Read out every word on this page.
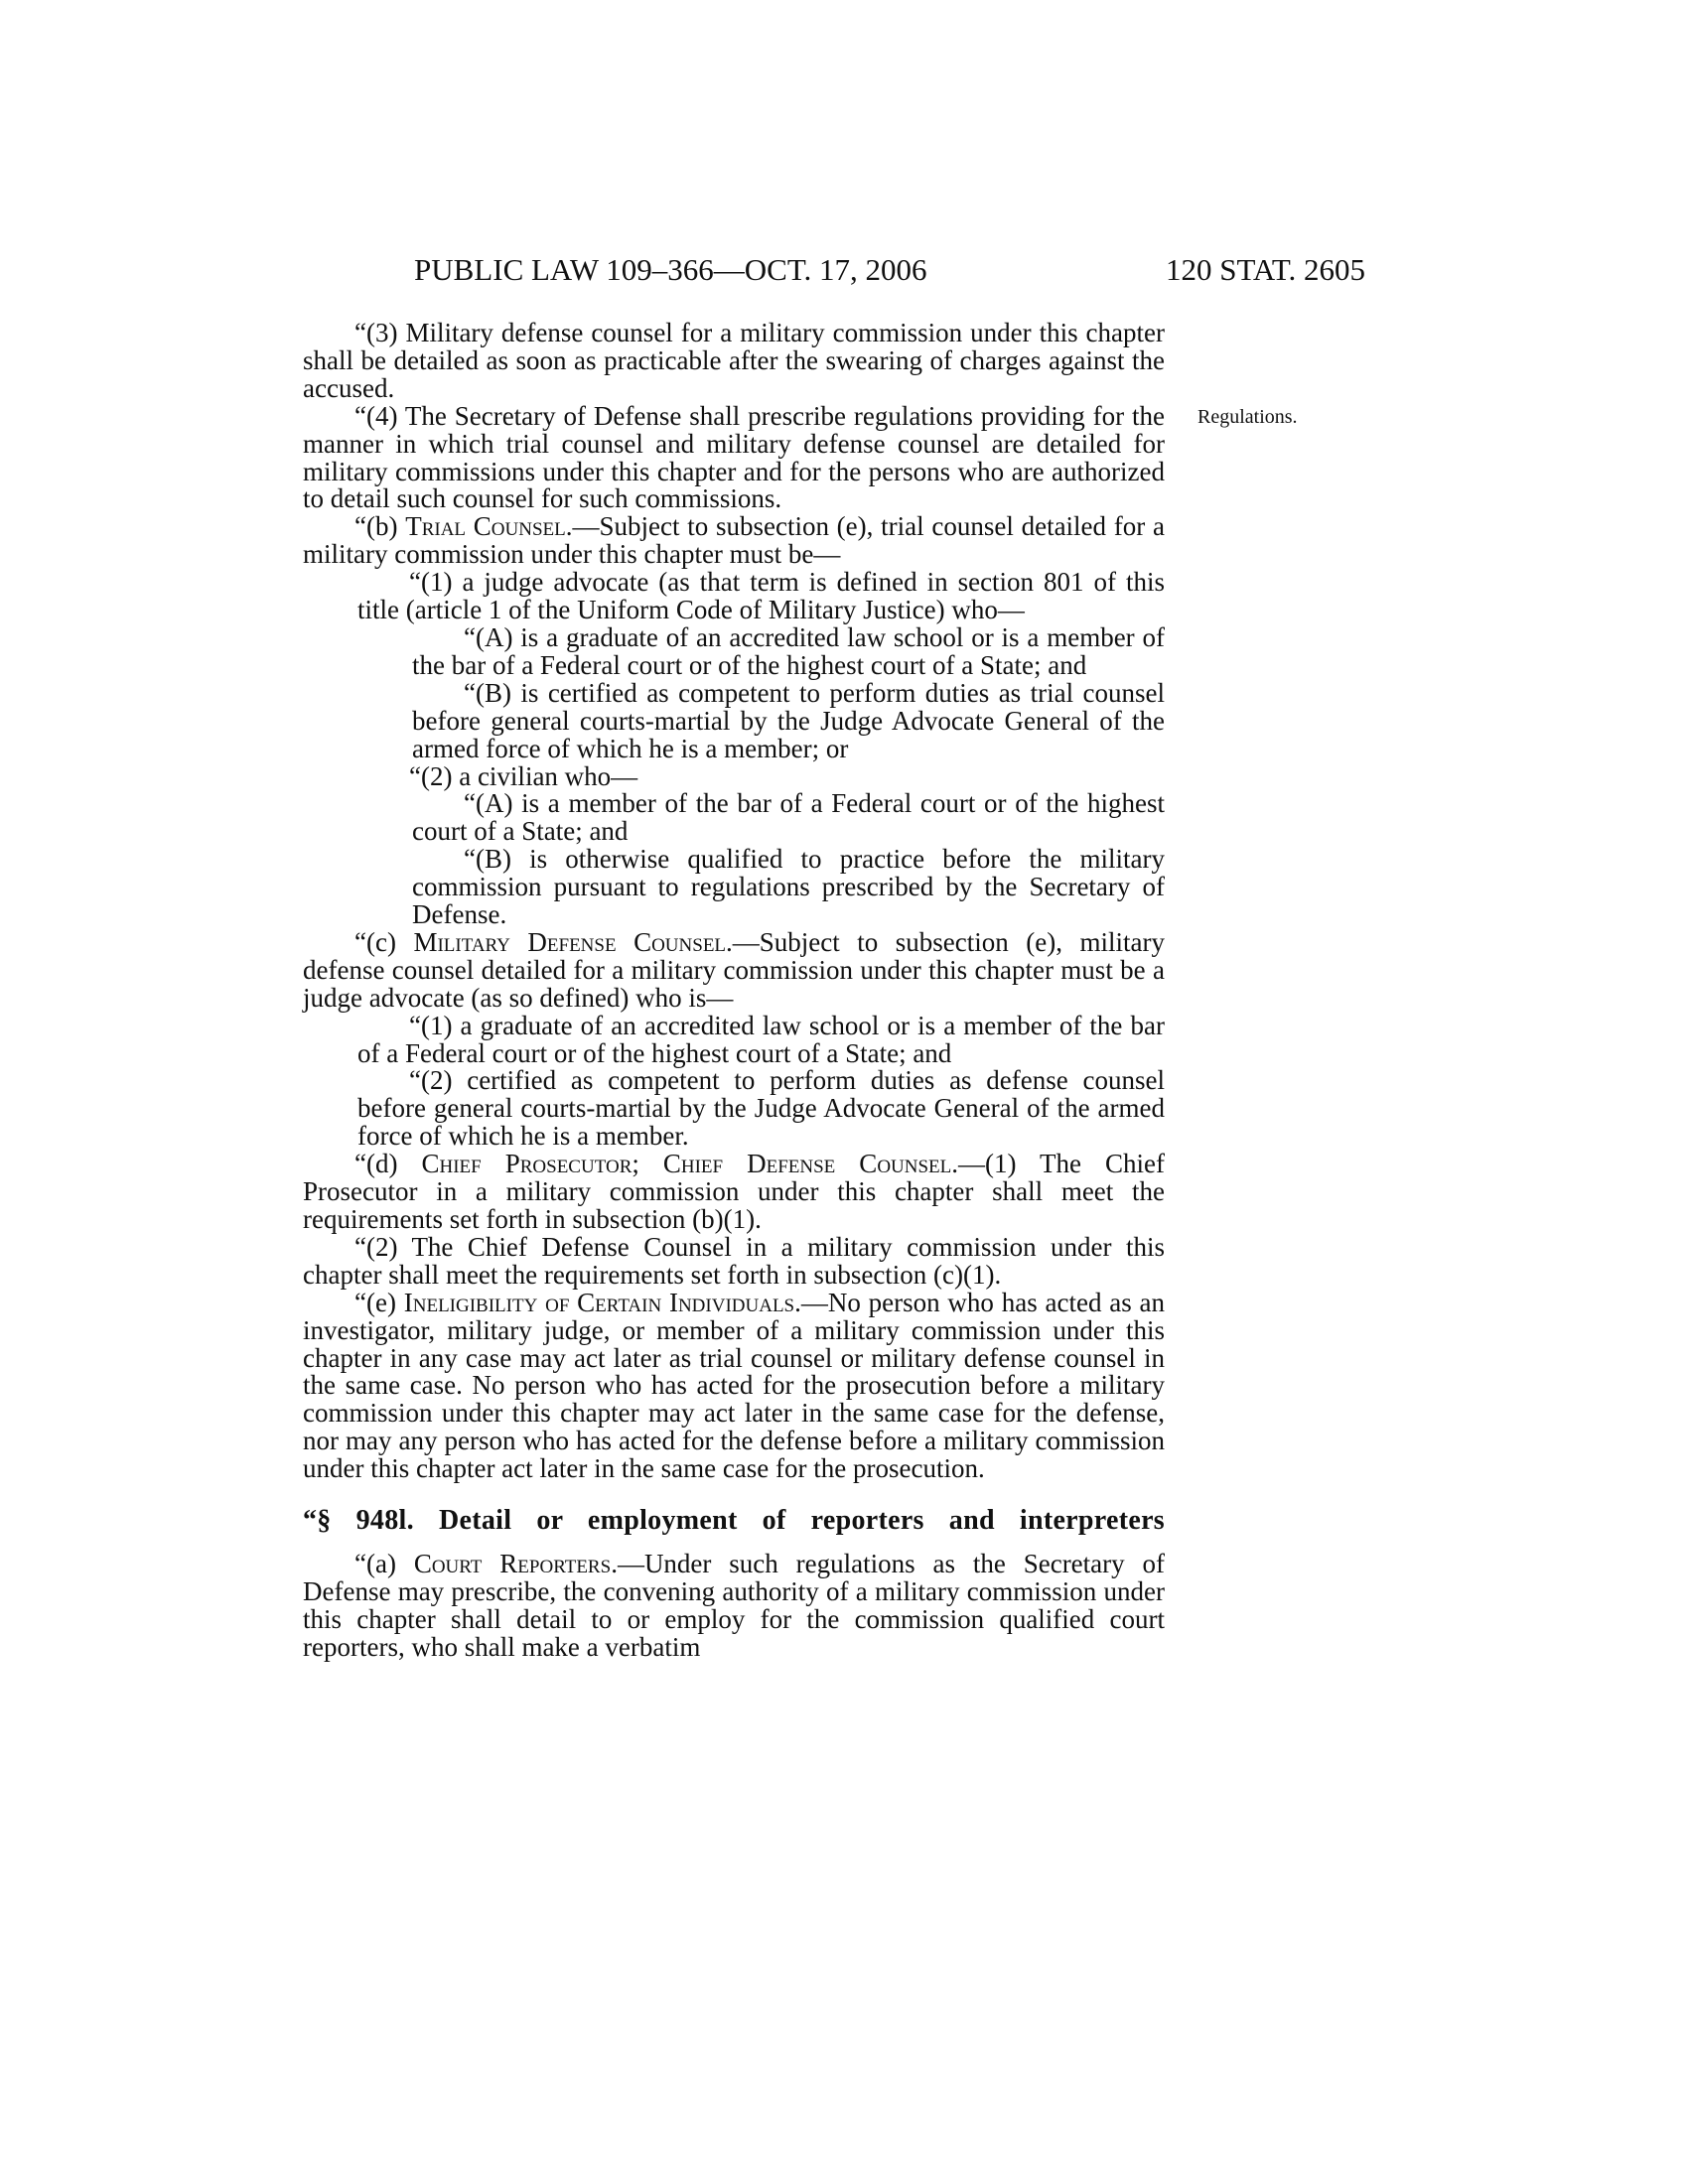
PUBLIC LAW 109–366—OCT. 17, 2006	120 STAT. 2605
Regulations.

“(3) Military defense counsel for a military commission under this chapter shall be detailed as soon as practicable after the swearing of charges against the accused.

“(4) The Secretary of Defense shall prescribe regulations providing for the manner in which trial counsel and military defense counsel are detailed for military commissions under this chapter and for the persons who are authorized to detail such counsel for such commissions.

“(b) Trial Counsel.—Subject to subsection (e), trial counsel detailed for a military commission under this chapter must be—

“(1) a judge advocate (as that term is defined in section 801 of this title (article 1 of the Uniform Code of Military Justice) who—

“(A) is a graduate of an accredited law school or is a member of the bar of a Federal court or of the highest court of a State; and

“(B) is certified as competent to perform duties as trial counsel before general courts-martial by the Judge Advocate General of the armed force of which he is a member; or

“(2) a civilian who—

“(A) is a member of the bar of a Federal court or of the highest court of a State; and

“(B) is otherwise qualified to practice before the military commission pursuant to regulations prescribed by the Secretary of Defense.

“(c) Military Defense Counsel.—Subject to subsection (e), military defense counsel detailed for a military commission under this chapter must be a judge advocate (as so defined) who is—

“(1) a graduate of an accredited law school or is a member of the bar of a Federal court or of the highest court of a State; and

“(2) certified as competent to perform duties as defense counsel before general courts-martial by the Judge Advocate General of the armed force of which he is a member.

“(d) Chief Prosecutor; Chief Defense Counsel.—(1) The Chief Prosecutor in a military commission under this chapter shall meet the requirements set forth in subsection (b)(1).

“(2) The Chief Defense Counsel in a military commission under this chapter shall meet the requirements set forth in subsection (c)(1).

“(e) Ineligibility of Certain Individuals.—No person who has acted as an investigator, military judge, or member of a military commission under this chapter in any case may act later as trial counsel or military defense counsel in the same case. No person who has acted for the prosecution before a military commission under this chapter may act later in the same case for the defense, nor may any person who has acted for the defense before a military commission under this chapter act later in the same case for the prosecution.

“§ 948l. Detail or employment of reporters and interpreters

“(a) Court Reporters.—Under such regulations as the Secretary of Defense may prescribe, the convening authority of a military commission under this chapter shall detail to or employ for the commission qualified court reporters, who shall make a verbatim
